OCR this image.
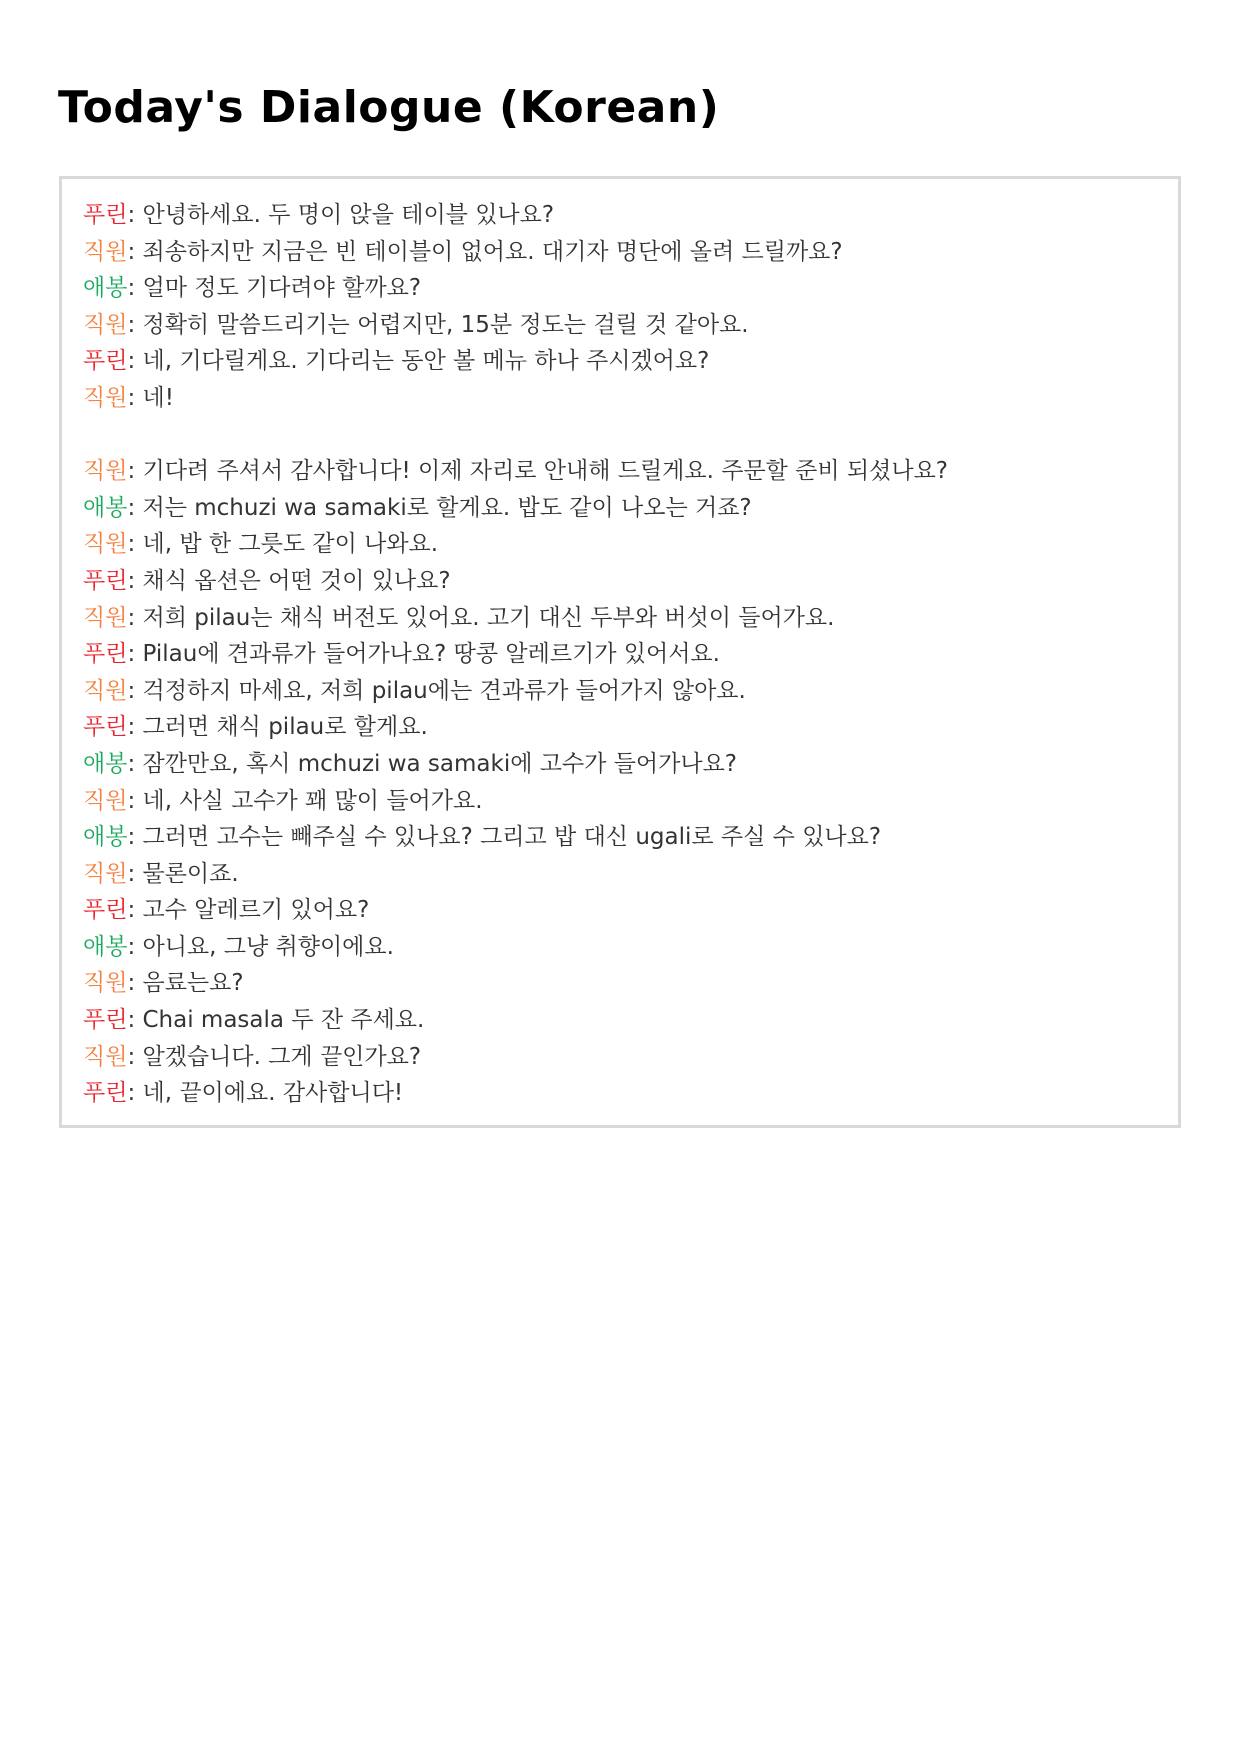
Today's Dialogue (Korean)
푸린: 안녕하세요. 두 명이 앉을 테이블 있나요?
직원: 죄송하지만 지금은 빈 테이블이 없어요. 대기자 명단에 올려 드릴까요?
애봉: 얼마 정도 기다려야 할까요?
직원: 정확히 말씀드리기는 어렵지만, 15분 정도는 걸릴 것 같아요.
푸린: 네, 기다릴게요. 기다리는 동안 볼 메뉴 하나 주시겠어요?
직원: 네!
직원: 기다려 주셔서 감사합니다! 이제 자리로 안내해 드릴게요. 주문할 준비 되셨나요?
애봉: 저는 mchuzi wa samaki로 할게요. 밥도 같이 나오는 거죠?
직원: 네, 밥 한 그릇도 같이 나와요.
푸린: 채식 옵션은 어떤 것이 있나요?
직원: 저희 pilau는 채식 버전도 있어요. 고기 대신 두부와 버섯이 들어가요.
푸린: Pilau에 견과류가 들어가나요? 땅콩 알레르기가 있어서요.
직원: 걱정하지 마세요, 저희 pilau에는 견과류가 들어가지 않아요.
푸린: 그러면 채식 pilau로 할게요.
애봉: 잠깐만요, 혹시 mchuzi wa samaki에 고수가 들어가나요?
직원: 네, 사실 고수가 꽤 많이 들어가요.
애봉: 그러면 고수는 빼주실 수 있나요? 그리고 밥 대신 ugali로 주실 수 있나요?
직원: 물론이죠.
푸린: 고수 알레르기 있어요?
애봉: 아니요, 그냥 취향이에요.
직원: 음료는요?
푸린: Chai masala 두 잔 주세요.
직원: 알겠습니다. 그게 끝인가요?
푸린: 네, 끝이에요. 감사합니다!
